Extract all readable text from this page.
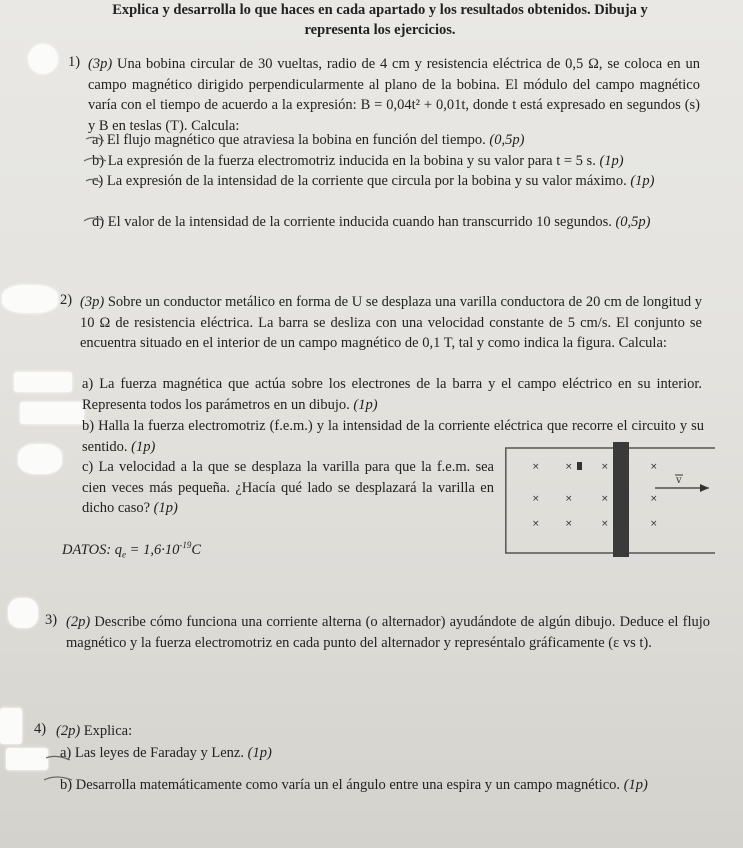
Explica y desarrolla lo que haces en cada apartado y los resultados obtenidos. Dibuja y
representa los ejercicios.
1) (3p) Una bobina circular de 30 vueltas, radio de 4 cm y resistencia eléctrica de 0,5 Ω, se coloca en un campo magnético dirigido perpendicularmente al plano de la bobina. El módulo del campo magnético varía con el tiempo de acuerdo a la expresión: B = 0,04t² + 0,01t, donde t está expresado en segundos (s) y B en teslas (T). Calcula:
a) El flujo magnético que atraviesa la bobina en función del tiempo. (0,5p)
b) La expresión de la fuerza electromotriz inducida en la bobina y su valor para t = 5 s. (1p)
c) La expresión de la intensidad de la corriente que circula por la bobina y su valor máximo. (1p)
d) El valor de la intensidad de la corriente inducida cuando han transcurrido 10 segundos. (0,5p)
2) (3p) Sobre un conductor metálico en forma de U se desplaza una varilla conductora de 20 cm de longitud y 10 Ω de resistencia eléctrica. La barra se desliza con una velocidad constante de 5 cm/s. El conjunto se encuentra situado en el interior de un campo magnético de 0,1 T, tal y como indica la figura. Calcula:
a) La fuerza magnética que actúa sobre los electrones de la barra y el campo eléctrico en su interior. Representa todos los parámetros en un dibujo. (1p)
b) Halla la fuerza electromotriz (f.e.m.) y la intensidad de la corriente eléctrica que recorre el circuito y su sentido. (1p)
c) La velocidad a la que se desplaza la varilla para que la f.e.m. sea cien veces más pequeña. ¿Hacía qué lado se desplazará la varilla en dicho caso? (1p)
DATOS: $q_e = 1,6\cdot 10^{-19}C$
×	×	×	×
×	×	×	×
×	×	×	×
v
3) (2p) Describe cómo funciona una corriente alterna (o alternador) ayudándote de algún dibujo. Deduce el flujo magnético y la fuerza electromotriz en cada punto del alternador y represéntalo gráficamente (ε vs t).
4) (2p) Explica:
a) Las leyes de Faraday y Lenz. (1p)
b) Desarrolla matemáticamente como varía un el ángulo entre una espira y un campo magnético. (1p)
